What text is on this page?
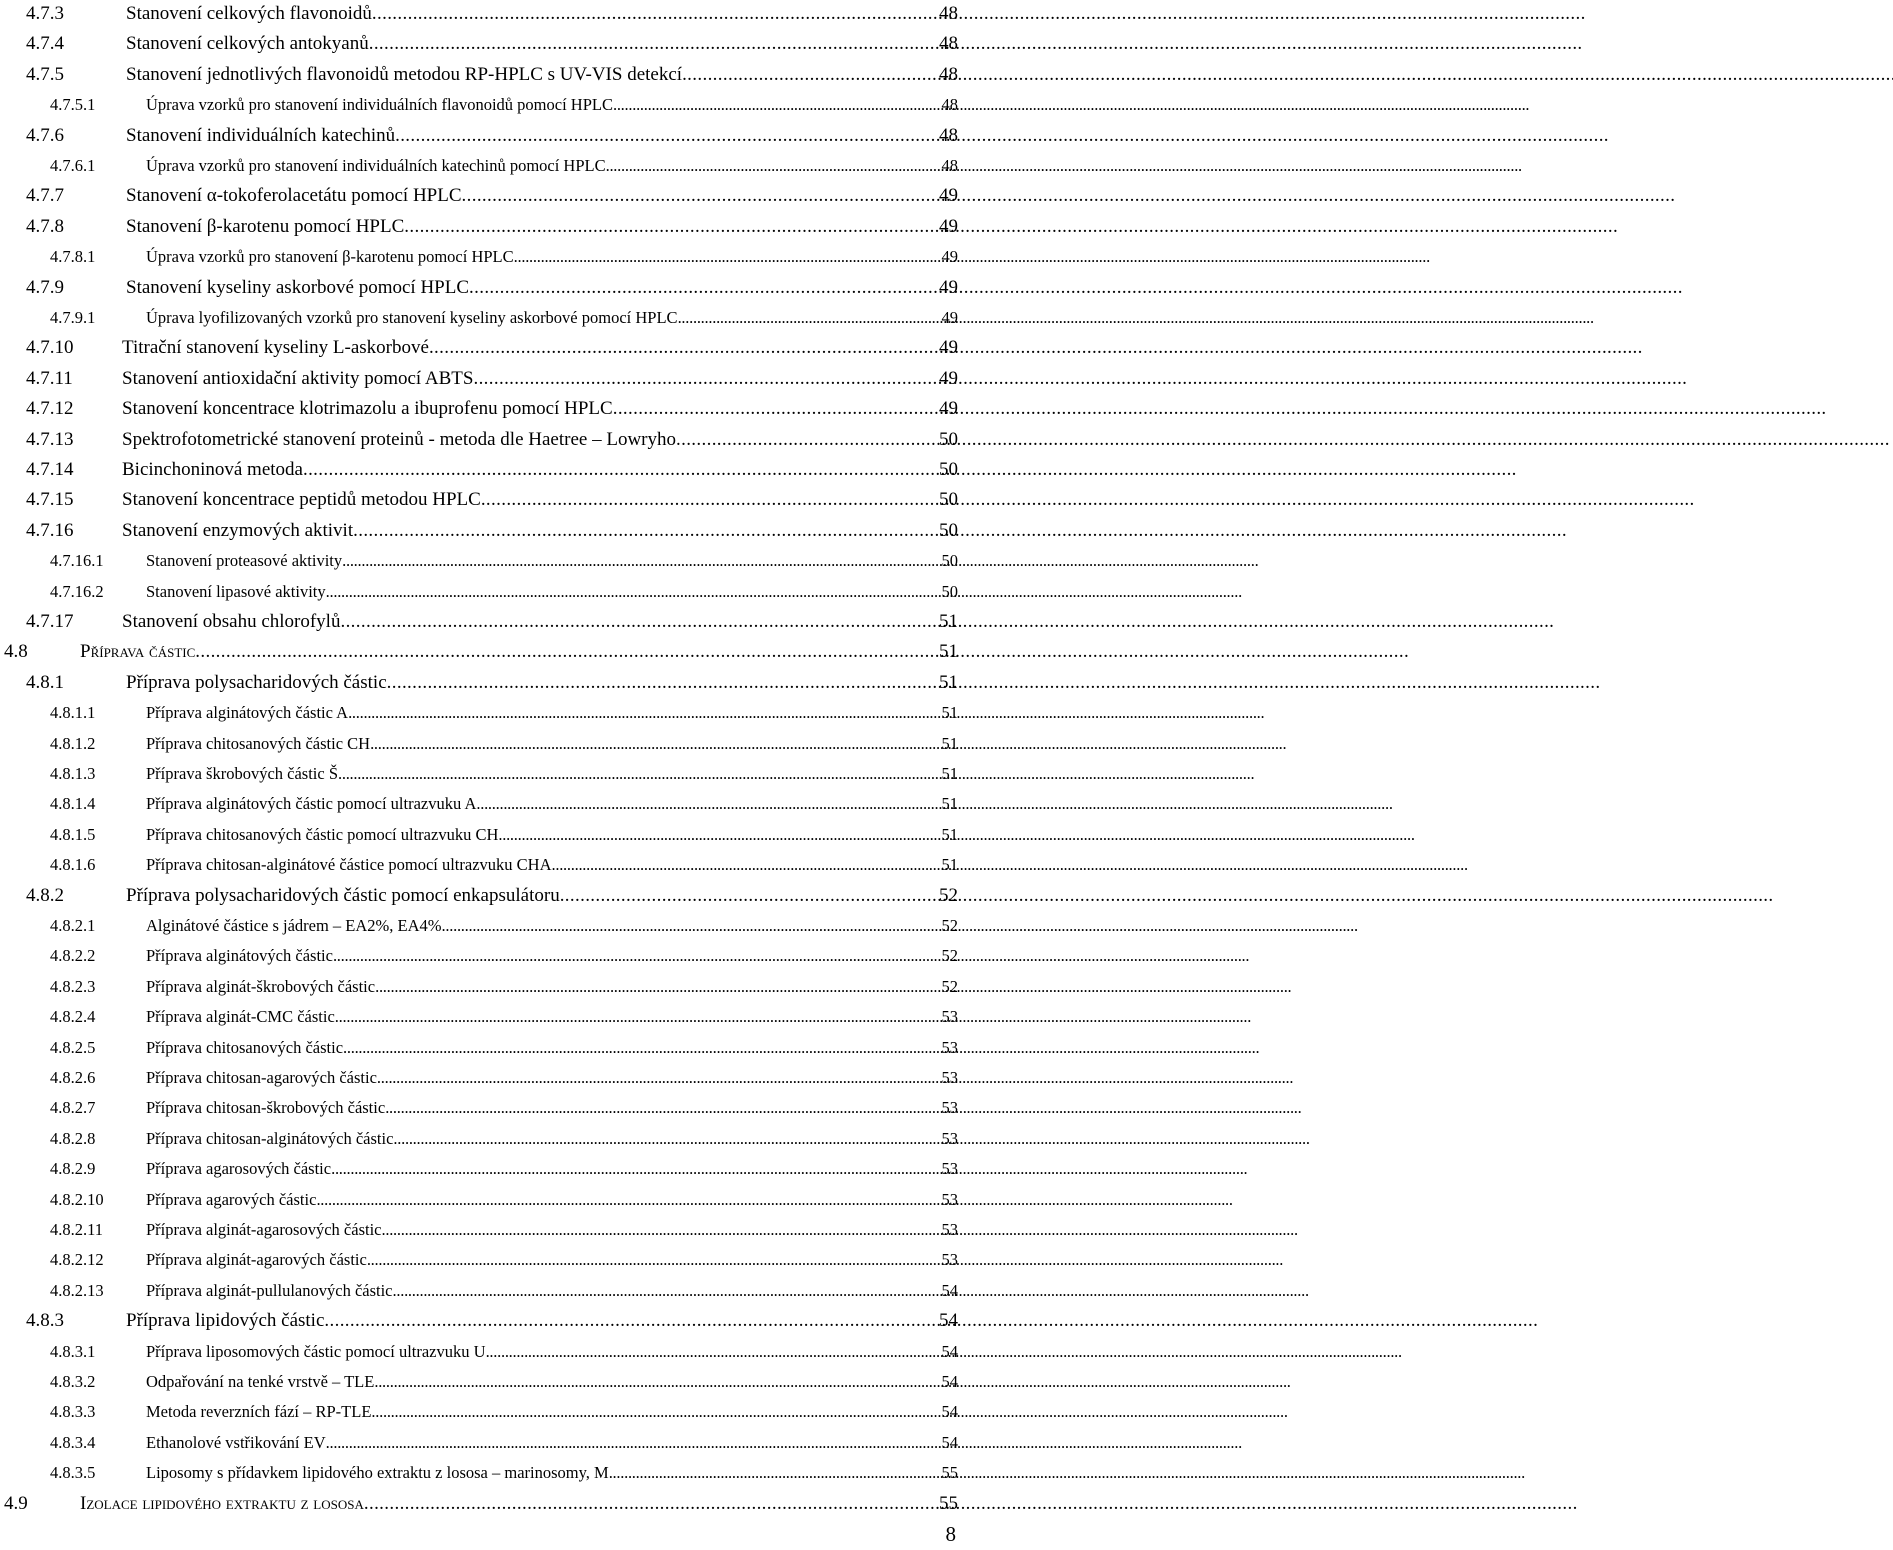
4.7.3	Stanovení celkových flavonoidů . . .	48
4.7.4	Stanovení celkových antokyanů . . .	48
4.7.5	Stanovení jednotlivých flavonoidů metodou RP-HPLC s UV-VIS detekcí . . .	48
4.7.5.1	Úprava vzorků pro stanovení individuálních flavonoidů pomocí HPLC . . .	48
4.7.6	Stanovení individuálních katechinů . . .	48
4.7.6.1	Úprava vzorků pro stanovení individuálních katechinů pomocí HPLC . . .	48
4.7.7	Stanovení α-tokoferolacetátu pomocí HPLC . . .	49
4.7.8	Stanovení β-karotenu pomocí HPLC . . .	49
4.7.8.1	Úprava vzorků pro stanovení β-karotenu pomocí HPLC . . .	49
4.7.9	Stanovení kyseliny askorbové pomocí HPLC . . .	49
4.7.9.1	Úprava lyofilizovaných vzorků pro stanovení kyseliny askorbové pomocí HPLC . . .	49
4.7.10	Titrační stanovení kyseliny L-askorbové . . .	49
4.7.11	Stanovení antioxidační aktivity pomocí ABTS . . .	49
4.7.12	Stanovení koncentrace klotrimazolu a ibuprofenu pomocí HPLC . . .	49
4.7.13	Spektrofotometrické stanovení proteinů - metoda dle Haetree – Lowryho . . .	50
4.7.14	Bicinchoninová metoda . . .	50
4.7.15	Stanovení koncentrace peptidů metodou HPLC . . .	50
4.7.16	Stanovení enzymových aktivit . . .	50
4.7.16.1	Stanovení proteasové aktivity . . .	50
4.7.16.2	Stanovení lipasové aktivity . . .	50
4.7.17	Stanovení obsahu chlorofylů . . .	51
4.8	Příprava částic . . .	51
4.8.1	Příprava polysacharidových částic . . .	51
4.8.1.1	Příprava alginátových částic A . . .	51
4.8.1.2	Příprava chitosanových částic CH . . .	51
4.8.1.3	Příprava škrobových částic Š . . .	51
4.8.1.4	Příprava alginátových částic pomocí ultrazvuku A . . .	51
4.8.1.5	Příprava chitosanových částic pomocí ultrazvuku CH . . .	51
4.8.1.6	Příprava chitosan-alginátové částice pomocí ultrazvuku CHA . . .	51
4.8.2	Příprava polysacharidových částic pomocí enkapsulátoru . . .	52
4.8.2.1	Alginátové částice s jádrem – EA2%, EA4% . . .	52
4.8.2.2	Příprava alginátových částic . . .	52
4.8.2.3	Příprava alginát-škrobových částic . . .	52
4.8.2.4	Příprava alginát-CMC částic . . .	53
4.8.2.5	Příprava chitosanových částic . . .	53
4.8.2.6	Příprava chitosan-agarových částic . . .	53
4.8.2.7	Příprava chitosan-škrobových částic . . .	53
4.8.2.8	Příprava chitosan-alginátových částic . . .	53
4.8.2.9	Příprava agarosových částic . . .	53
4.8.2.10	Příprava agarových částic . . .	53
4.8.2.11	Příprava alginát-agarosových částic . . .	53
4.8.2.12	Příprava alginát-agarových částic . . .	53
4.8.2.13	Příprava alginát-pullulanových částic . . .	54
4.8.3	Příprava lipidových částic . . .	54
4.8.3.1	Příprava liposomových částic pomocí ultrazvuku U . . .	54
4.8.3.2	Odpařování na tenké vrstvě – TLE . . .	54
4.8.3.3	Metoda reverzních fází – RP-TLE . . .	54
4.8.3.4	Ethanolové vstřikování EV . . .	54
4.8.3.5	Liposomy s přídavkem lipidového extraktu z lososa – marinosomy, M . . .	55
4.9	Izolace lipidového extraktu z lososa . . .	55
8
